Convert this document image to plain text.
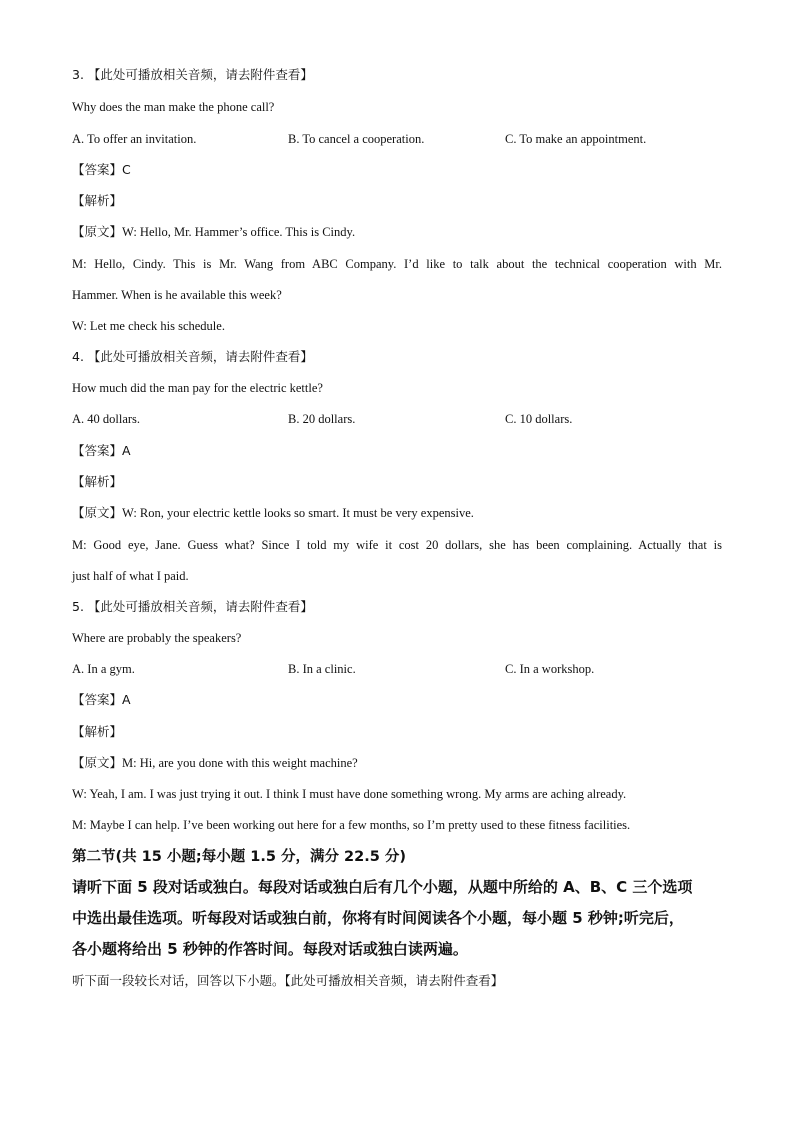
3. 【此处可播放相关音频，请去附件查看】
Why does the man make the phone call?
A. To offer an invitation.	B. To cancel a cooperation.	C. To make an appointment.
【答案】C
【解析】
【原文】W: Hello, Mr. Hammer’s office. This is Cindy.
M: Hello, Cindy. This is Mr. Wang from ABC Company. I’d like to talk about the technical cooperation with Mr.
Hammer. When is he available this week?
W: Let me check his schedule.
4. 【此处可播放相关音频，请去附件查看】
How much did the man pay for the electric kettle?
A. 40 dollars.	B. 20 dollars.	C. 10 dollars.
【答案】A
【解析】
【原文】W: Ron, your electric kettle looks so smart. It must be very expensive.
M: Good eye, Jane. Guess what? Since I told my wife it cost 20 dollars, she has been complaining. Actually that is
just half of what I paid.
5. 【此处可播放相关音频，请去附件查看】
Where are probably the speakers?
A. In a gym.	B. In a clinic.	C. In a workshop.
【答案】A
【解析】
【原文】M: Hi, are you done with this weight machine?
W: Yeah, I am. I was just trying it out. I think I must have done something wrong. My arms are aching already.
M: Maybe I can help. I’ve been working out here for a few months, so I’m pretty used to these fitness facilities.
第二节(共 15 小题;每小题 1.5 分，满分 22.5 分)
请听下面 5 段对话或独白。每段对话或独白后有几个小题，从题中所给的 A、B、C 三个选项
中选出最佳选项。听每段对话或独白前，你将有时间阅读各个小题，每小题 5 秒钟;听完后，
各小题将给出 5 秒钟的作答时间。每段对话或独白读两遍。
听下面一段较长对话，回答以下小题。【此处可播放相关音频，请去附件查看】
